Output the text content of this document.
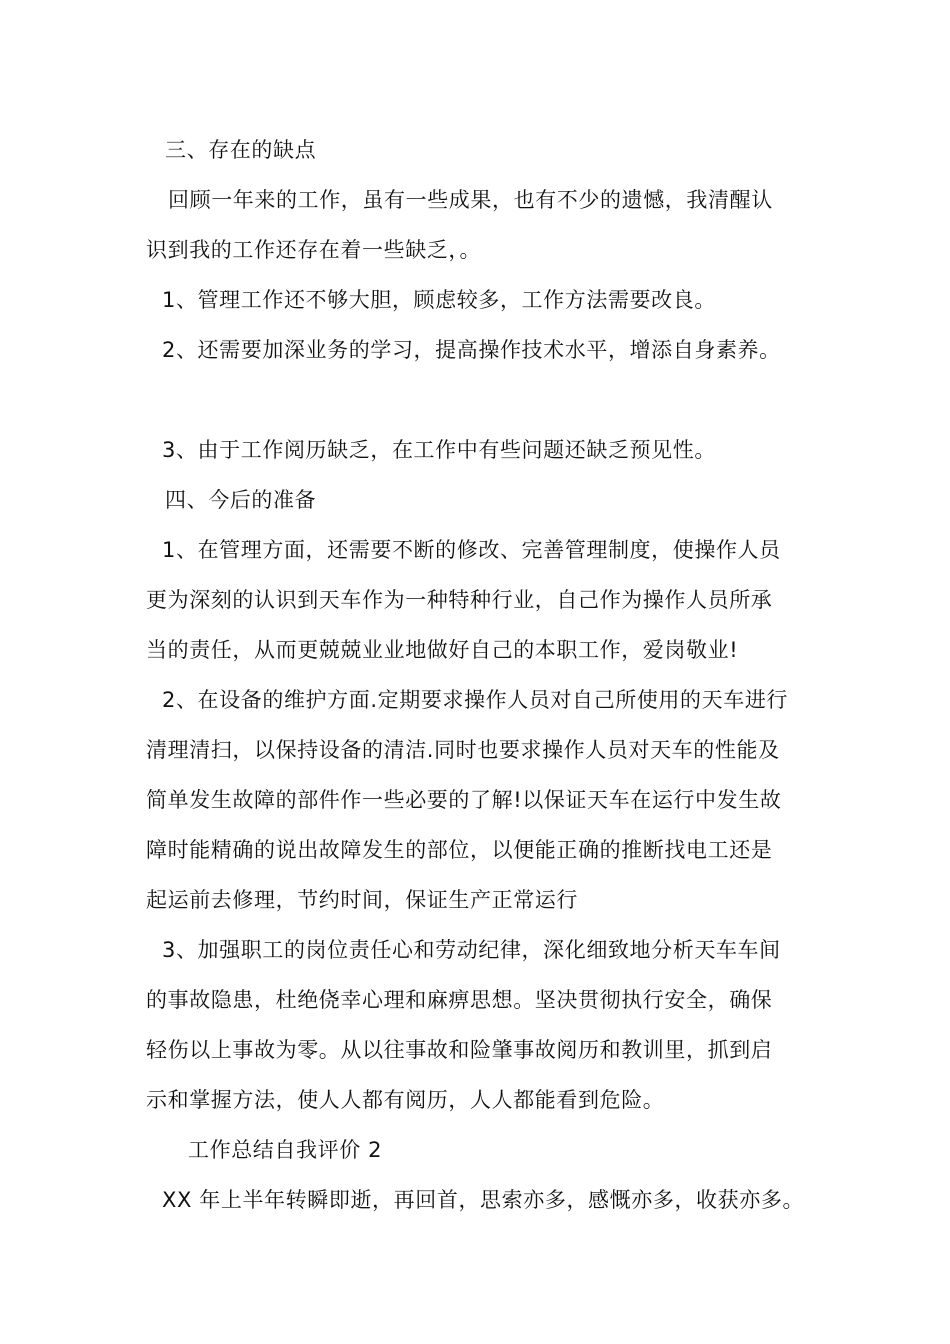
三、存在的缺点
回顾一年来的工作，虽有一些成果，也有不少的遗憾，我清醒认
识到我的工作还存在着一些缺乏，。
1、管理工作还不够大胆，顾虑较多，工作方法需要改良。
2、还需要加深业务的学习，提高操作技术水平，增添自身素养。
3、由于工作阅历缺乏，在工作中有些问题还缺乏预见性。
四、今后的准备
1、在管理方面，还需要不断的修改、完善管理制度，使操作人员
更为深刻的认识到天车作为一种特种行业，自己作为操作人员所承
当的责任，从而更兢兢业业地做好自己的本职工作，爱岗敬业!
2、在设备的维护方面.定期要求操作人员对自己所使用的天车进行
清理清扫，以保持设备的清洁.同时也要求操作人员对天车的性能及
简单发生故障的部件作一些必要的了解!以保证天车在运行中发生故
障时能精确的说出故障发生的部位，以便能正确的推断找电工还是
起运前去修理，节约时间，保证生产正常运行
3、加强职工的岗位责任心和劳动纪律，深化细致地分析天车车间
的事故隐患，杜绝侥幸心理和麻痹思想。坚决贯彻执行安全，确保
轻伤以上事故为零。从以往事故和险肇事故阅历和教训里，抓到启
示和掌握方法，使人人都有阅历，人人都能看到危险。
工作总结自我评价 2
XX 年上半年转瞬即逝，再回首，思索亦多，感慨亦多，收获亦多。
